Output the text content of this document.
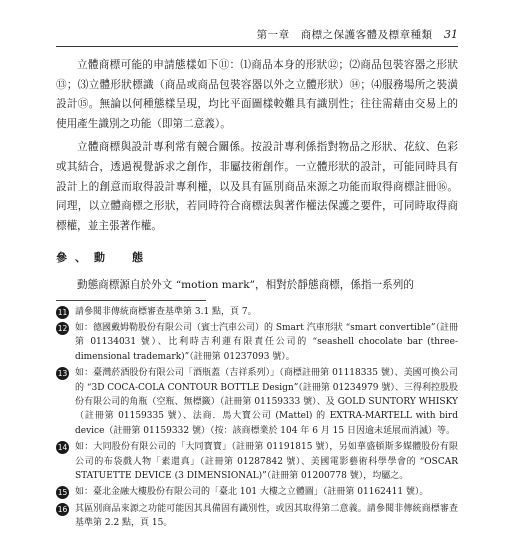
第一章　商標之保護客體及標章種類 31

立體商標可能的申請態樣如下⑪：⑴商品本身的形狀⑫；⑵商品包裝容器之形狀⑬；⑶立體形狀標識（商品或商品包裝容器以外之立體形狀）⑭；⑷服務場所之裝潢設計⑮。無論以何種態樣呈現，均比平面圖樣較難具有識別性；往往需藉由交易上的使用產生識別之功能（即第二意義）。

立體商標與設計專利常有競合關係。按設計專利係指對物品之形狀、花紋、色彩或其結合，透過視覺訴求之創作，非屬技術創作。一立體形狀的設計，可能同時具有設計上的創意而取得設計專利權，以及具有區別商品來源之功能而取得商標註冊⑯。同理，以立體商標之形狀，若同時符合商標法與著作權法保護之要件，可同時取得商標權，並主張著作權。

參、動　態

動態商標源自於外文 “motion mark”，相對於靜態商標，係指一系列的

11 請參閱非傳統商標審查基準第 3.1 點，頁 7。
12 如：德國戴姆勒股份有限公司（賓士汽車公司）的 Smart 汽車形狀 “smart convertible”（註冊第 01134031 號）、比利時吉利蓮有限責任公司的 “seashell chocolate bar (three-dimensional trademark)”（註冊第 01237093 號）。
13 如：臺灣菸酒股份有限公司「酒瓶蓋（吉祥系列）」（商標註冊第 01118335 號）、美國可換公司的 “3D COCA-COLA CONTOUR BOTTLE Design”（註冊第 01234979 號）、三得利控股股份有限公司的角瓶（空瓶、無標籤）（註冊第 01159333 號）、及 GOLD SUNTORY WHISKY（註冊第 01159335 號）、法商．馬大寶公司 (Mattel) 的 EXTRA-MARTELL with bird device（註冊第 01159332 號）（按：該商標業於 104 年 6 月 15 日因逾未延展而消滅）等。
14 如：大同股份有限公司的「大同寶寶」（註冊第 01191815 號），另如華盛頓斯多媒體股份有限公司的布袋戲人物「素還真」（註冊第 01287842 號）、美國電影藝術科學學會的 “OSCAR STATUETTE DEVICE (3 DIMENSIONAL)”（註冊第 01200778 號），均屬之。
15 如：臺北金融大樓股份有限公司的「臺北 101 大樓之立體圖」（註冊第 01162411 號）。
16 其區別商品來源之功能可能因其具備固有識別性，或因其取得第二意義。請參閱非傳統商標審查基準第 2.2 點，頁 15。
